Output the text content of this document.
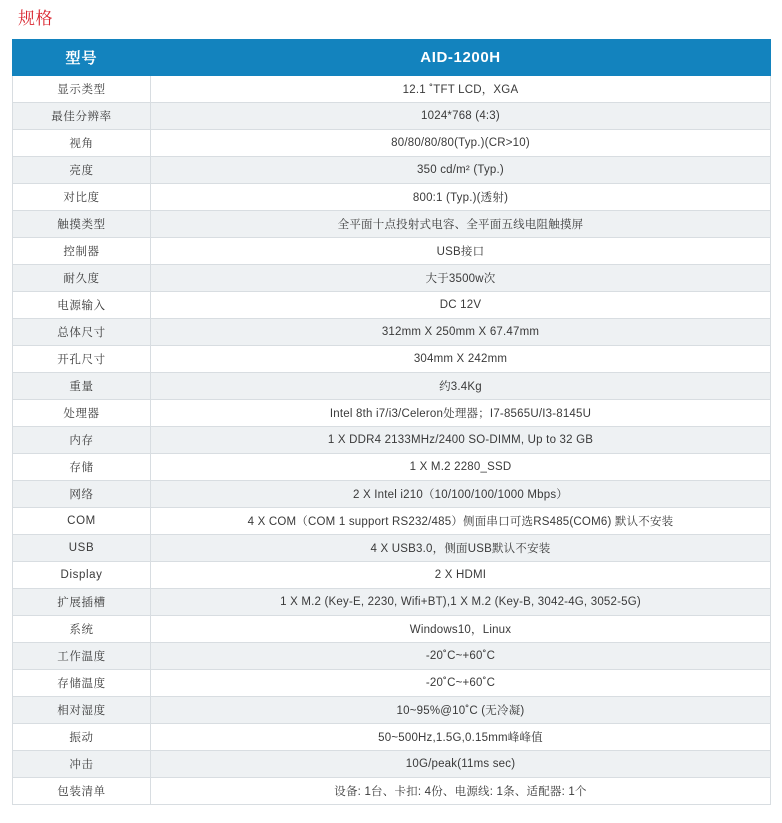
规格
型号	AID-1200H
显示类型	12.1 ˚TFT LCD，XGA
最佳分辨率	1024*768 (4:3)
视角	80/80/80/80(Typ.)(CR>10)
亮度	350 cd/m² (Typ.)
对比度	800:1 (Typ.)(透射)
触摸类型	全平面十点投射式电容、全平面五线电阻触摸屏
控制器	USB接口
耐久度	大于3500w次
电源输入	DC 12V
总体尺寸	312mm X 250mm X 67.47mm
开孔尺寸	304mm X 242mm
重量	约3.4Kg
处理器	Intel 8th i7/i3/Celeron处理器；I7-8565U/I3-8145U
内存	1 X DDR4 2133MHz/2400 SO-DIMM, Up to 32 GB
存储	1 X M.2 2280_SSD
网络	2 X Intel i210（10/100/100/1000 Mbps）
COM	4 X COM（COM 1 support RS232/485）侧面串口可选RS485(COM6) 默认不安装
USB	4 X USB3.0，侧面USB默认不安装
Display	2 X HDMI
扩展插槽	1 X M.2 (Key-E, 2230, Wifi+BT),1 X M.2 (Key-B, 3042-4G, 3052-5G)
系统	Windows10，Linux
工作温度	-20˚C~+60˚C
存储温度	-20˚C~+60˚C
相对湿度	10~95%@10˚C (无冷凝)
振动	50~500Hz,1.5G,0.15mm峰峰值
冲击	10G/peak(11ms sec)
包装清单	设备: 1台、卡扣: 4份、电源线: 1条、适配器: 1个
